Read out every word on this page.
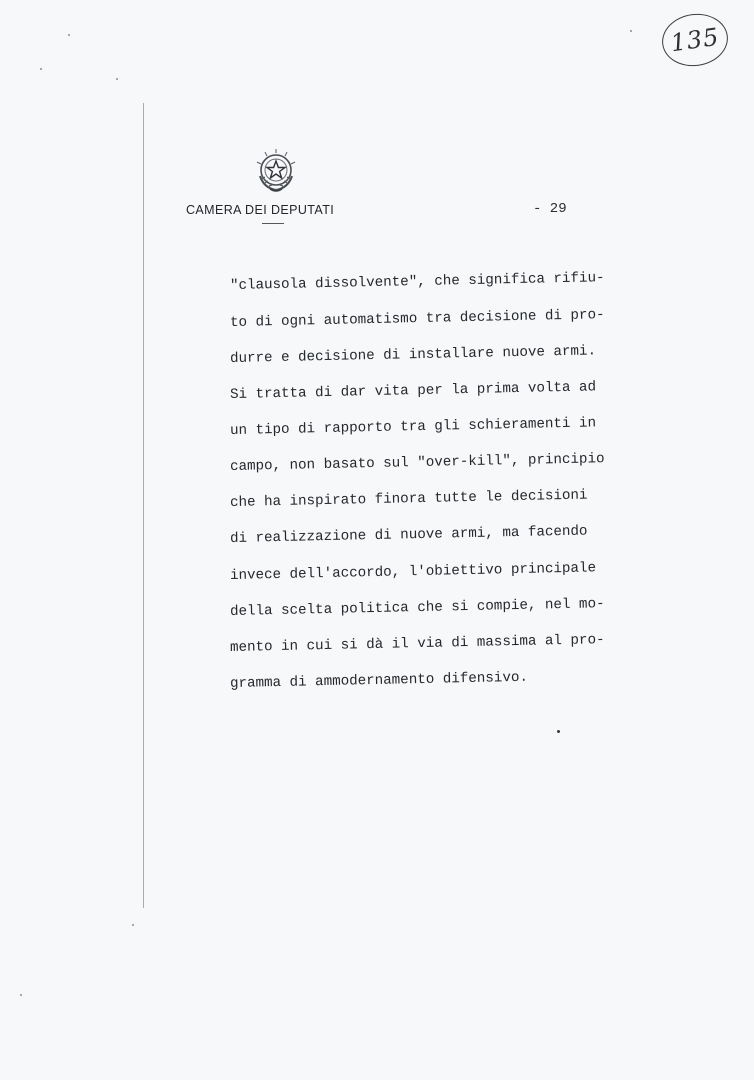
135
CAMERA DEI DEPUTATI	- 29
"clausola dissolvente", che significa rifiu-
to di ogni automatismo tra decisione di pro-
durre e decisione di installare nuove armi.
Si tratta di dar vita per la prima volta ad
un tipo di rapporto tra gli schieramenti in
campo, non basato sul "over-kill", principio
che ha inspirato finora tutte le decisioni
di realizzazione di nuove armi, ma facendo
invece dell'accordo, l'obiettivo principale
della scelta politica che si compie, nel mo-
mento in cui si dà il via di massima al pro-
gramma di ammodernamento difensivo.
